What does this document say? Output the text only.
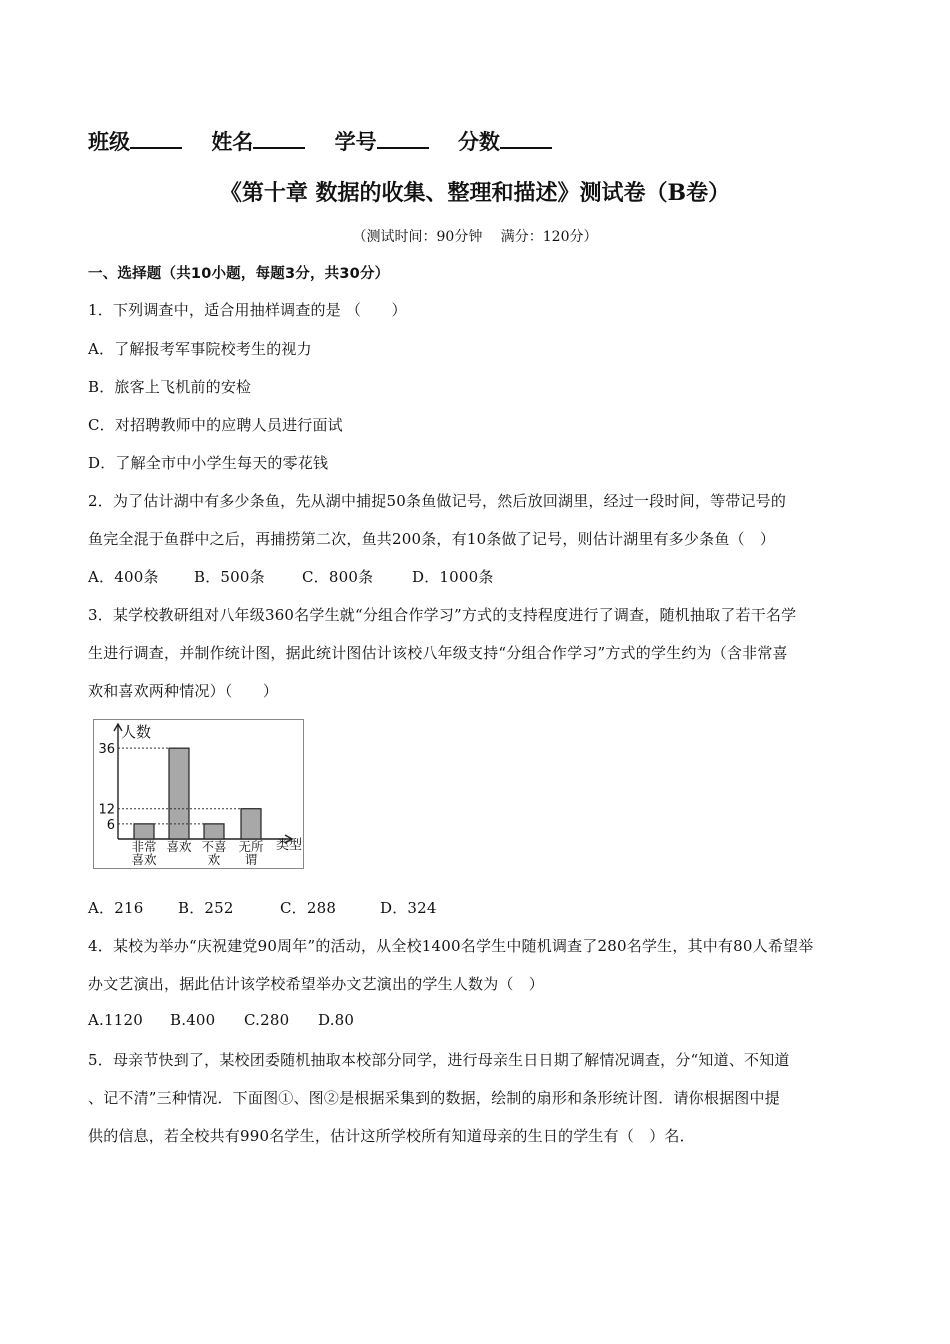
班级	姓名	学号	分数
《第十章 数据的收集、整理和描述》测试卷（B卷）
（测试时间：90分钟　 满分：120分）
一、选择题（共10小题，每题3分，共30分）
1．下列调查中，适合用抽样调查的是 （　　）
A．了解报考军事院校考生的视力
B．旅客上飞机前的安检
C．对招聘教师中的应聘人员进行面试
D．了解全市中小学生每天的零花钱
2．为了估计湖中有多少条鱼，先从湖中捕捉50条鱼做记号，然后放回湖里，经过一段时间，等带记号的
鱼完全混于鱼群中之后，再捕捞第二次，鱼共200条，有10条做了记号，则估计湖里有多少条鱼（　）
A．400条 B．500条 C．800条	D．1000条
3．某学校教研组对八年级360名学生就“分组合作学习”方式的支持程度进行了调查，随机抽取了若干名学
生进行调查，并制作统计图，据此统计图估计该校八年级支持“分组合作学习”方式的学生约为（含非常喜
欢和喜欢两种情况）（　　）
人数
36
12
6
非常
喜欢
喜欢 不喜
欢
无所
谓
类型
A．216 B．252	C．288	D．324
4．某校为举办“庆祝建党90周年”的活动，从全校1400名学生中随机调查了280名学生，其中有80人希望举
办文艺演出，据此估计该学校希望举办文艺演出的学生人数为（　）
A.1120 B.400 C.280 D.80
5．母亲节快到了，某校团委随机抽取本校部分同学，进行母亲生日日期了解情况调查，分“知道、不知道
、记不清”三种情况．下面图①、图②是根据采集到的数据，绘制的扇形和条形统计图．请你根据图中提
供的信息，若全校共有990名学生，估计这所学校所有知道母亲的生日的学生有（　）名．
